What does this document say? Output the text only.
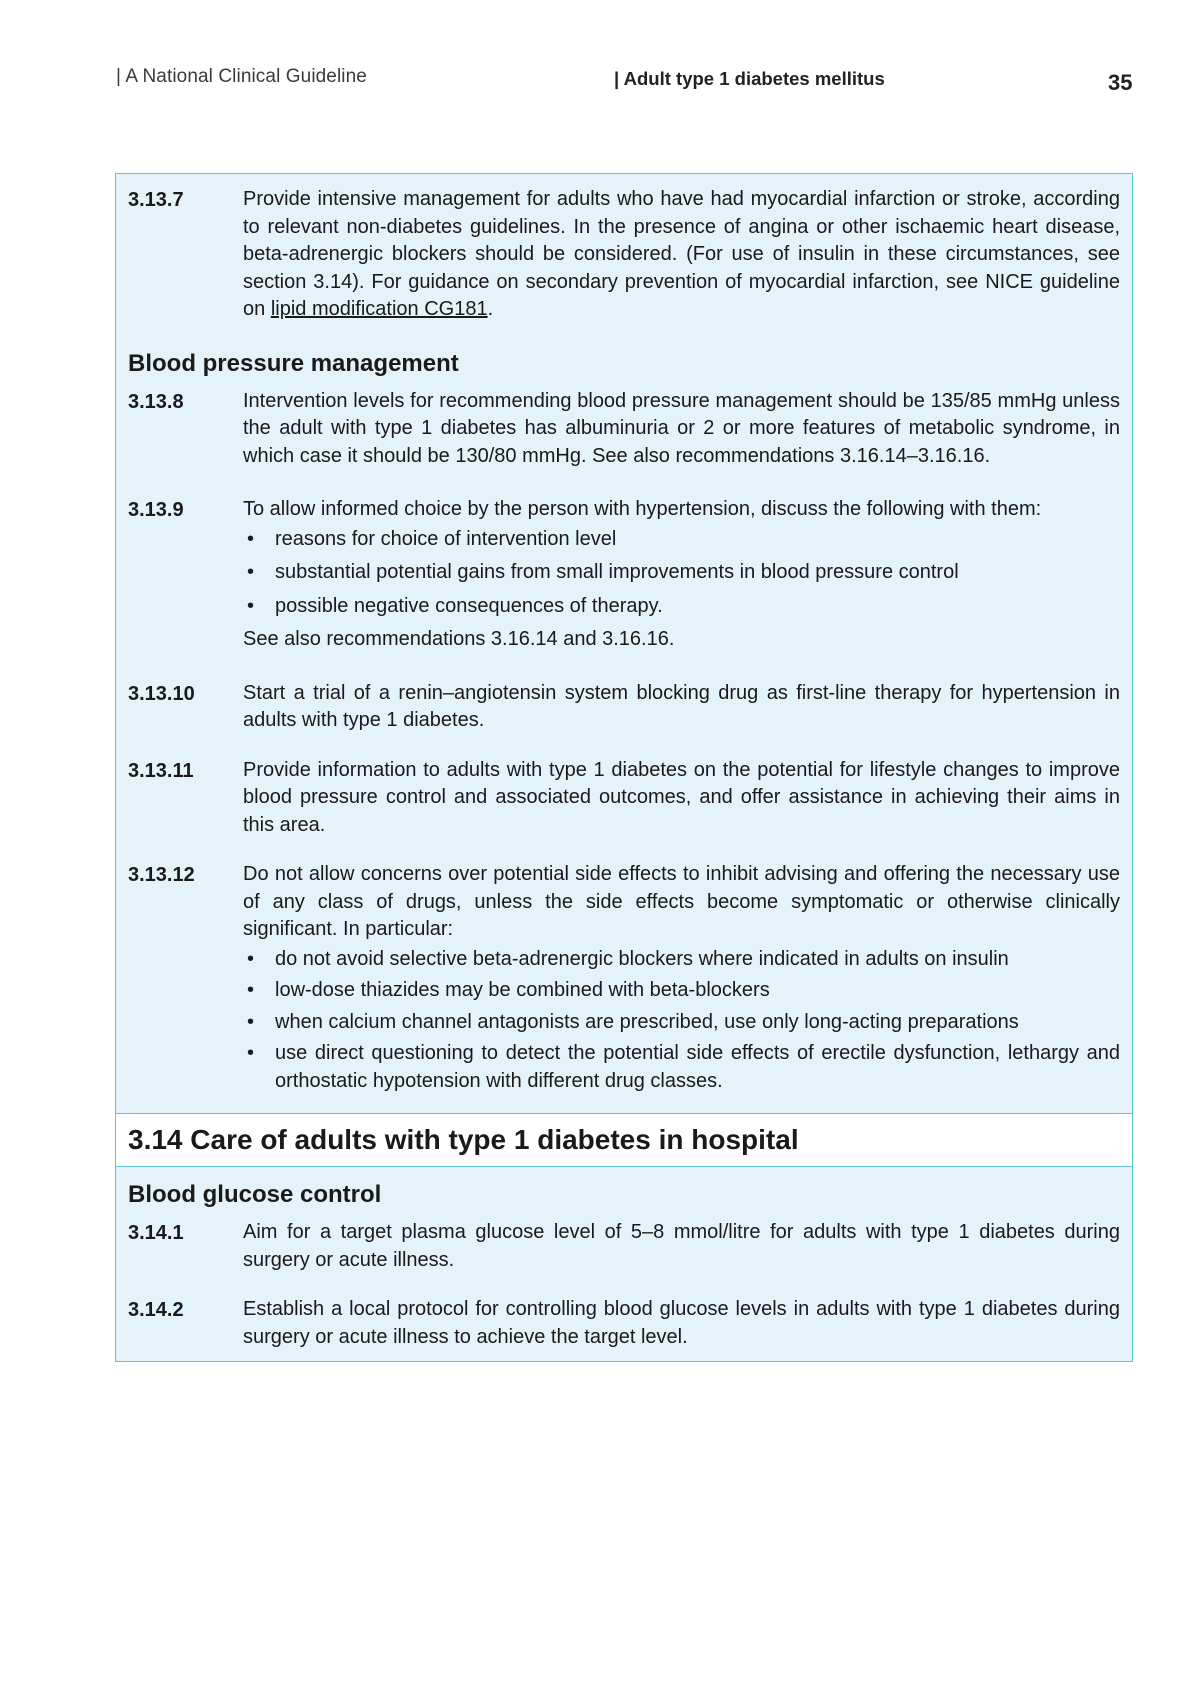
| A National Clinical Guideline	| Adult type 1 diabetes mellitus	35
3.13.7	Provide intensive management for adults who have had myocardial infarction or stroke, according to relevant non-diabetes guidelines. In the presence of angina or other ischaemic heart disease, beta-adrenergic blockers should be considered. (For use of insulin in these circumstances, see section 3.14). For guidance on secondary prevention of myocardial infarction, see NICE guideline on lipid modification CG181.

Blood pressure management
3.13.8	Intervention levels for recommending blood pressure management should be 135/85 mmHg unless the adult with type 1 diabetes has albuminuria or 2 or more features of metabolic syndrome, in which case it should be 130/80 mmHg. See also recommendations 3.16.14–3.16.16.

3.13.9	To allow informed choice by the person with hypertension, discuss the following with them:

• reasons for choice of intervention level
• substantial potential gains from small improvements in blood pressure control
• possible negative consequences of therapy.

See also recommendations 3.16.14 and 3.16.16.

3.13.10	Start a trial of a renin–angiotensin system blocking drug as first-line therapy for hypertension in adults with type 1 diabetes.

3.13.11	Provide information to adults with type 1 diabetes on the potential for lifestyle changes to improve blood pressure control and associated outcomes, and offer assistance in achieving their aims in this area.

3.13.12	Do not allow concerns over potential side effects to inhibit advising and offering the necessary use of any class of drugs, unless the side effects become symptomatic or otherwise clinically significant. In particular:

• do not avoid selective beta-adrenergic blockers where indicated in adults on insulin
• low-dose thiazides may be combined with beta-blockers
• when calcium channel antagonists are prescribed, use only long-acting preparations
• use direct questioning to detect the potential side effects of erectile dysfunction, lethargy and orthostatic hypotension with different drug classes.
3.14 Care of adults with type 1 diabetes in hospital
Blood glucose control
3.14.1	Aim for a target plasma glucose level of 5–8 mmol/litre for adults with type 1 diabetes during surgery or acute illness.

3.14.2	Establish a local protocol for controlling blood glucose levels in adults with type 1 diabetes during surgery or acute illness to achieve the target level.
